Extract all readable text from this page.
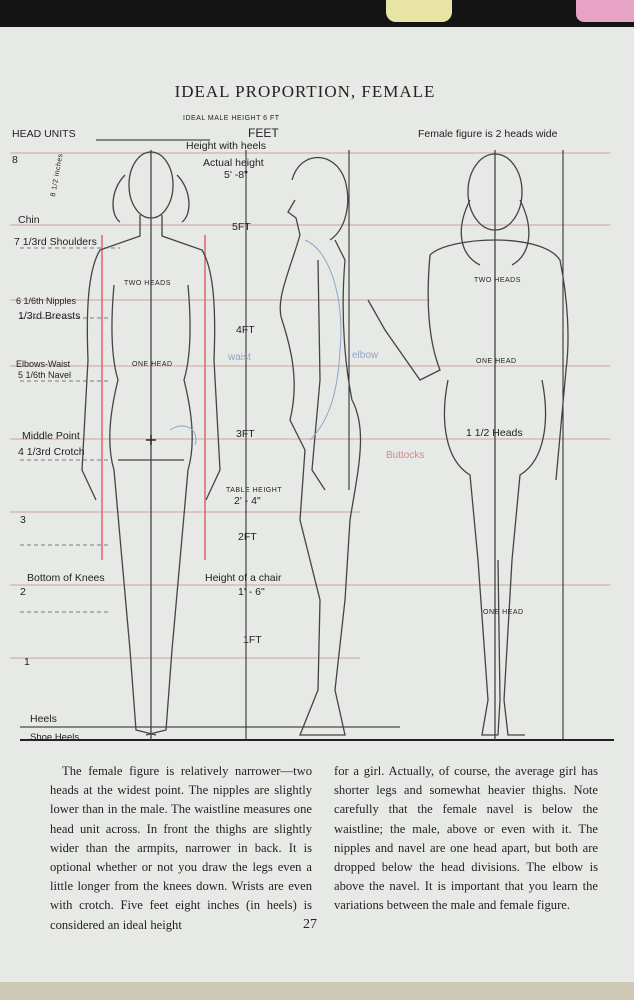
IDEAL PROPORTION, FEMALE
HEAD UNITS
IDEAL MALE HEIGHT 6 FT
FEET
Height with heels
Actual height
5' -8"
8 1/2 inches
Female figure is 2 heads wide
TABLE HEIGHT
2' - 4"
Height of a chair
1' - 6"
5FT
4FT
3FT
2FT
1FT
8
3
2
1
Chin
7 1/3rd Shoulders
6 1/6th Nipples
1/3rd Breasts
Elbows-Waist
5 1/6th Navel
Middle Point
4 1/3rd Crotch
Bottom of Knees
Heels
Shoe Heels
TWO HEADS
ONE HEAD
waist	elbow
Buttocks
TWO HEADS
ONE HEAD
1 1/2 Heads
ONE HEAD
The female figure is relatively narrower—two heads at the widest point. The nipples are slightly lower than in the male. The waistline measures one head unit across. In front the thighs are slightly wider than the armpits, narrower in back. It is optional whether or not you draw the legs even a little longer from the knees down. Wrists are even with crotch. Five feet eight inches (in heels) is considered an ideal height
for a girl. Actually, of course, the average girl has shorter legs and somewhat heavier thighs. Note carefully that the female navel is below the waistline; the male, above or even with it. The nipples and navel are one head apart, but both are dropped below the head divisions. The elbow is above the navel. It is important that you learn the variations between the male and female figure.
27
